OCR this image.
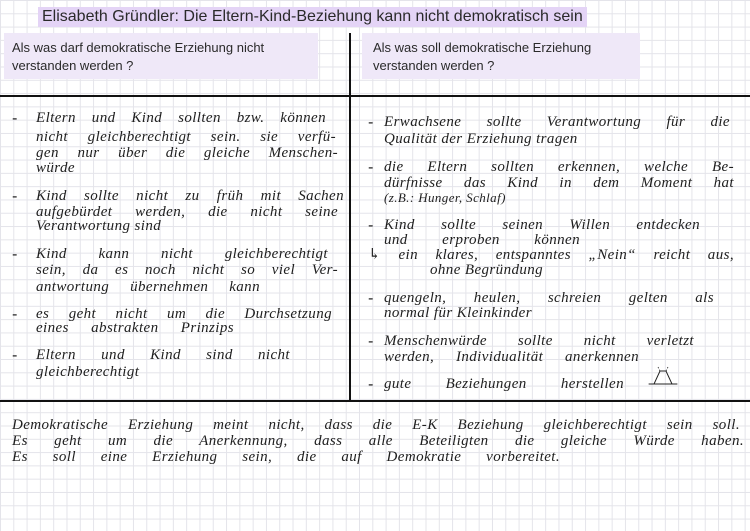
Elisabeth Gründler: Die Eltern-Kind-Beziehung kann nicht demokratisch sein
Als was darf demokratische Erziehung nicht
verstanden werden ?
Als was soll demokratische Erziehung
verstanden werden ?
- Eltern und Kind sollten bzw. können
nicht gleichberechtigt sein. sie verfü-
gen nur über die gleiche Menschen-
würde
- Kind sollte nicht zu früh mit Sachen
aufgebürdet werden, die nicht seine
Verantwortung sind
- Kind kann nicht gleichberechtigt
sein, da es noch nicht so viel Ver-
antwortung übernehmen kann
- es geht nicht um die Durchsetzung
eines abstrakten Prinzips
- Eltern und Kind sind nicht
gleichberechtigt
- Erwachsene sollte Verantwortung für die
Qualität der Erziehung tragen
- die Eltern sollten erkennen, welche Be-
dürfnisse das Kind in dem Moment hat
(z.B.: Hunger, Schlaf)
- Kind sollte seinen Willen entdecken
und erproben können
↳ ein klares, entspanntes „Nein“ reicht aus,
ohne Begründung
- quengeln, heulen, schreien gelten als
normal für Kleinkinder
- Menschenwürde sollte nicht verletzt
werden, Individualität anerkennen
- gute Beziehungen herstellen
Demokratische Erziehung meint nicht, dass die E-K Beziehung gleichberechtigt sein soll.
Es geht um die Anerkennung, dass alle Beteiligten die gleiche Würde haben.
Es soll eine Erziehung sein, die auf Demokratie vorbereitet.
